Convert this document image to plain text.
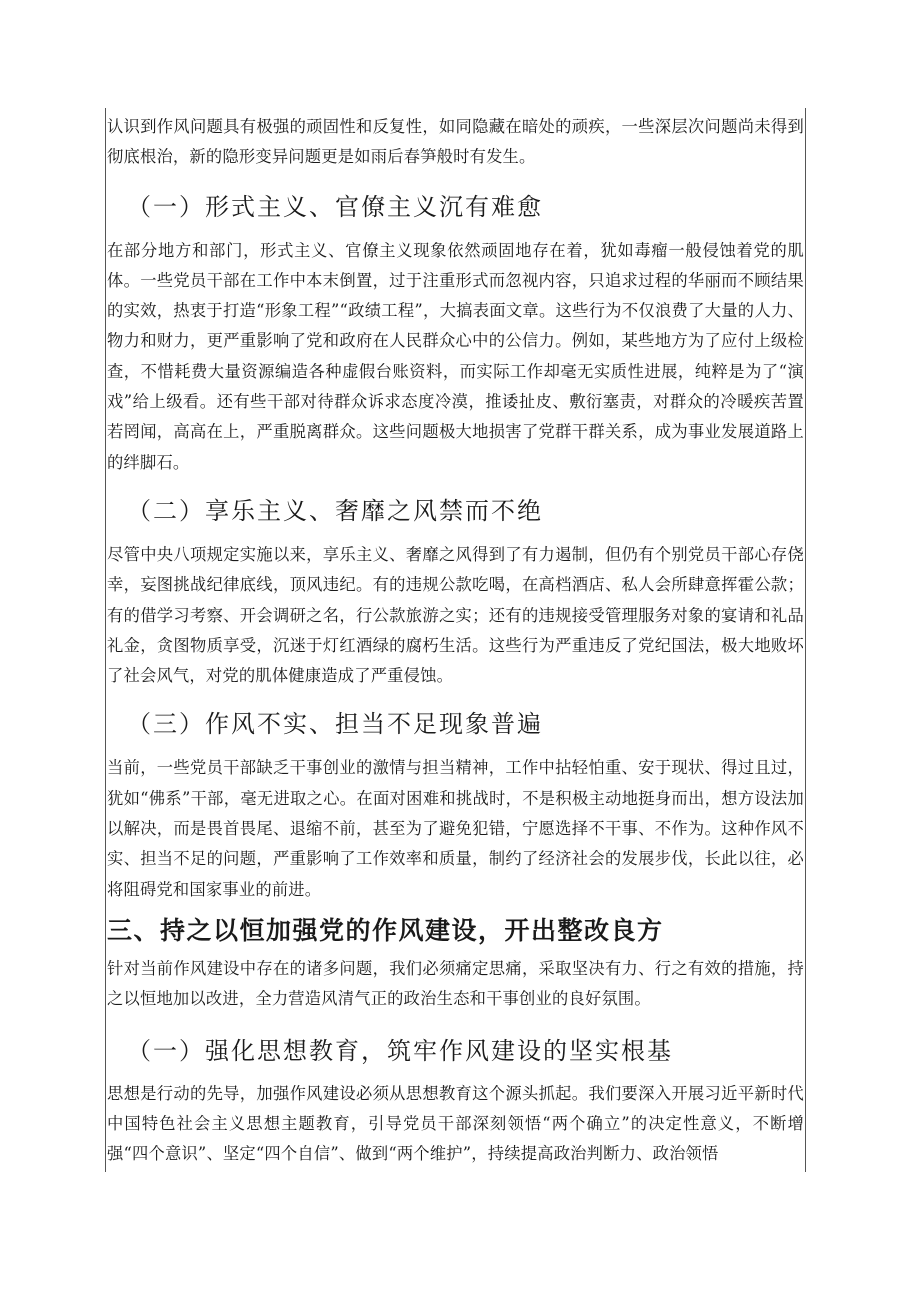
认识到作风问题具有极强的顽固性和反复性，如同隐藏在暗处的顽疾，一些深层次问题尚未得到彻底根治，新的隐形变异问题更是如雨后春笋般时有发生。

（一）形式主义、官僚主义沉有难愈

在部分地方和部门，形式主义、官僚主义现象依然顽固地存在着，犹如毒瘤一般侵蚀着党的肌体。一些党员干部在工作中本末倒置，过于注重形式而忽视内容，只追求过程的华丽而不顾结果的实效，热衷于打造“形象工程”“政绩工程”，大搞表面文章。这些行为不仅浪费了大量的人力、物力和财力，更严重影响了党和政府在人民群众心中的公信力。例如，某些地方为了应付上级检查，不惜耗费大量资源编造各种虚假台账资料，而实际工作却毫无实质性进展，纯粹是为了“演戏”给上级看。还有些干部对待群众诉求态度冷漠，推诿扯皮、敷衍塞责，对群众的冷暖疾苦置若罔闻，高高在上，严重脱离群众。这些问题极大地损害了党群干群关系，成为事业发展道路上的绊脚石。

（二）享乐主义、奢靡之风禁而不绝

尽管中央八项规定实施以来，享乐主义、奢靡之风得到了有力遏制，但仍有个别党员干部心存侥幸，妄图挑战纪律底线，顶风违纪。有的违规公款吃喝，在高档酒店、私人会所肆意挥霍公款；有的借学习考察、开会调研之名，行公款旅游之实；还有的违规接受管理服务对象的宴请和礼品礼金，贪图物质享受，沉迷于灯红酒绿的腐朽生活。这些行为严重违反了党纪国法，极大地败坏了社会风气，对党的肌体健康造成了严重侵蚀。

（三）作风不实、担当不足现象普遍

当前，一些党员干部缺乏干事创业的激情与担当精神，工作中拈轻怕重、安于现状、得过且过，犹如“佛系”干部，毫无进取之心。在面对困难和挑战时，不是积极主动地挺身而出，想方设法加以解决，而是畏首畏尾、退缩不前，甚至为了避免犯错，宁愿选择不干事、不作为。这种作风不实、担当不足的问题，严重影响了工作效率和质量，制约了经济社会的发展步伐，长此以往，必将阻碍党和国家事业的前进。

三、持之以恒加强党的作风建设，开出整改良方

针对当前作风建设中存在的诸多问题，我们必须痛定思痛，采取坚决有力、行之有效的措施，持之以恒地加以改进，全力营造风清气正的政治生态和干事创业的良好氛围。

（一）强化思想教育，筑牢作风建设的坚实根基

思想是行动的先导，加强作风建设必须从思想教育这个源头抓起。我们要深入开展习近平新时代中国特色社会主义思想主题教育，引导党员干部深刻领悟“两个确立”的决定性意义，不断增强“四个意识”、坚定“四个自信”、做到“两个维护”，持续提高政治判断力、政治领悟
